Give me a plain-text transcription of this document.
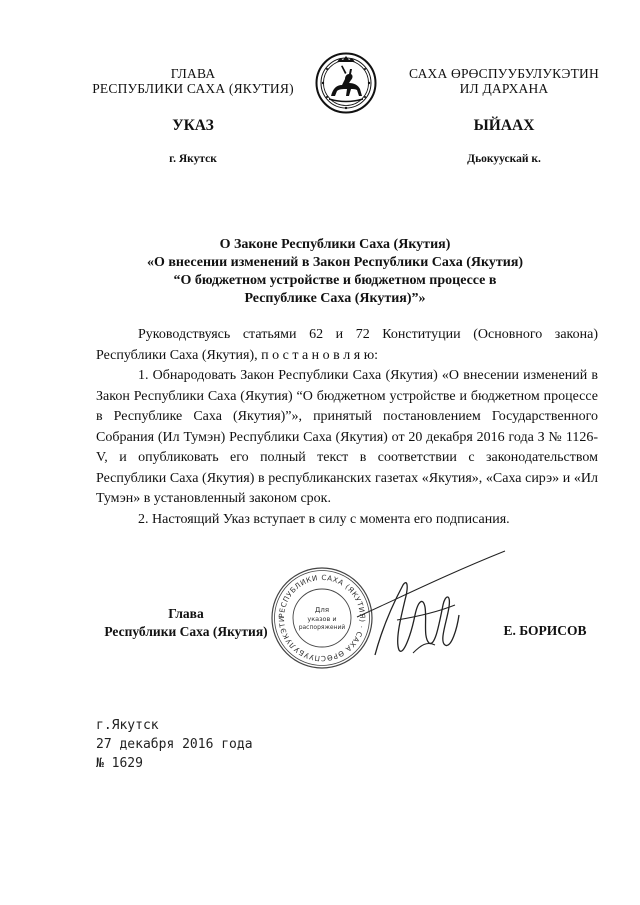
ГЛАВА
РЕСПУБЛИКИ САХА (ЯКУТИЯ)
САХА ӨРӨСПУУБУЛУКЭТИН
ИЛ ДАРХАНА
УКАЗ	ЫЙААХ
г. Якутск	Дьокуускай к.
О Законе Республики Саха (Якутия)
«О внесении изменений в Закон Республики Саха (Якутия)
“О бюджетном устройстве и бюджетном процессе в
Республике Саха (Якутия)”»

Руководствуясь статьями 62 и 72 Конституции (Основного закона) Республики Саха (Якутия), п о с т а н о в л я ю:

1. Обнародовать Закон Республики Саха (Якутия) «О внесении изменений в Закон Республики Саха (Якутия) “О бюджетном устройстве и бюджетном процессе в Республике Саха (Якутия)”», принятый постановлением Государственного Собрания (Ил Тумэн) Республики Саха (Якутия) от 20 декабря 2016 года З № 1126-V, и опубликовать его полный текст в соответствии с законодательством Республики Саха (Якутия) в республиканских газетах «Якутия», «Саха сирэ» и «Ил Тумэн» в установленный законом срок.

2. Настоящий Указ вступает в силу с момента его подписания.

Глава
Республики Саха (Якутия)
РЕСПУБЛИКИ САХА (ЯКУТИЯ) · САХА ӨРӨСПУУБУЛУКЭТИ
Для
указов и
распоряжений	Е. БОРИСОВ
г.Якутск
27 декабря 2016 года
№ 1629
